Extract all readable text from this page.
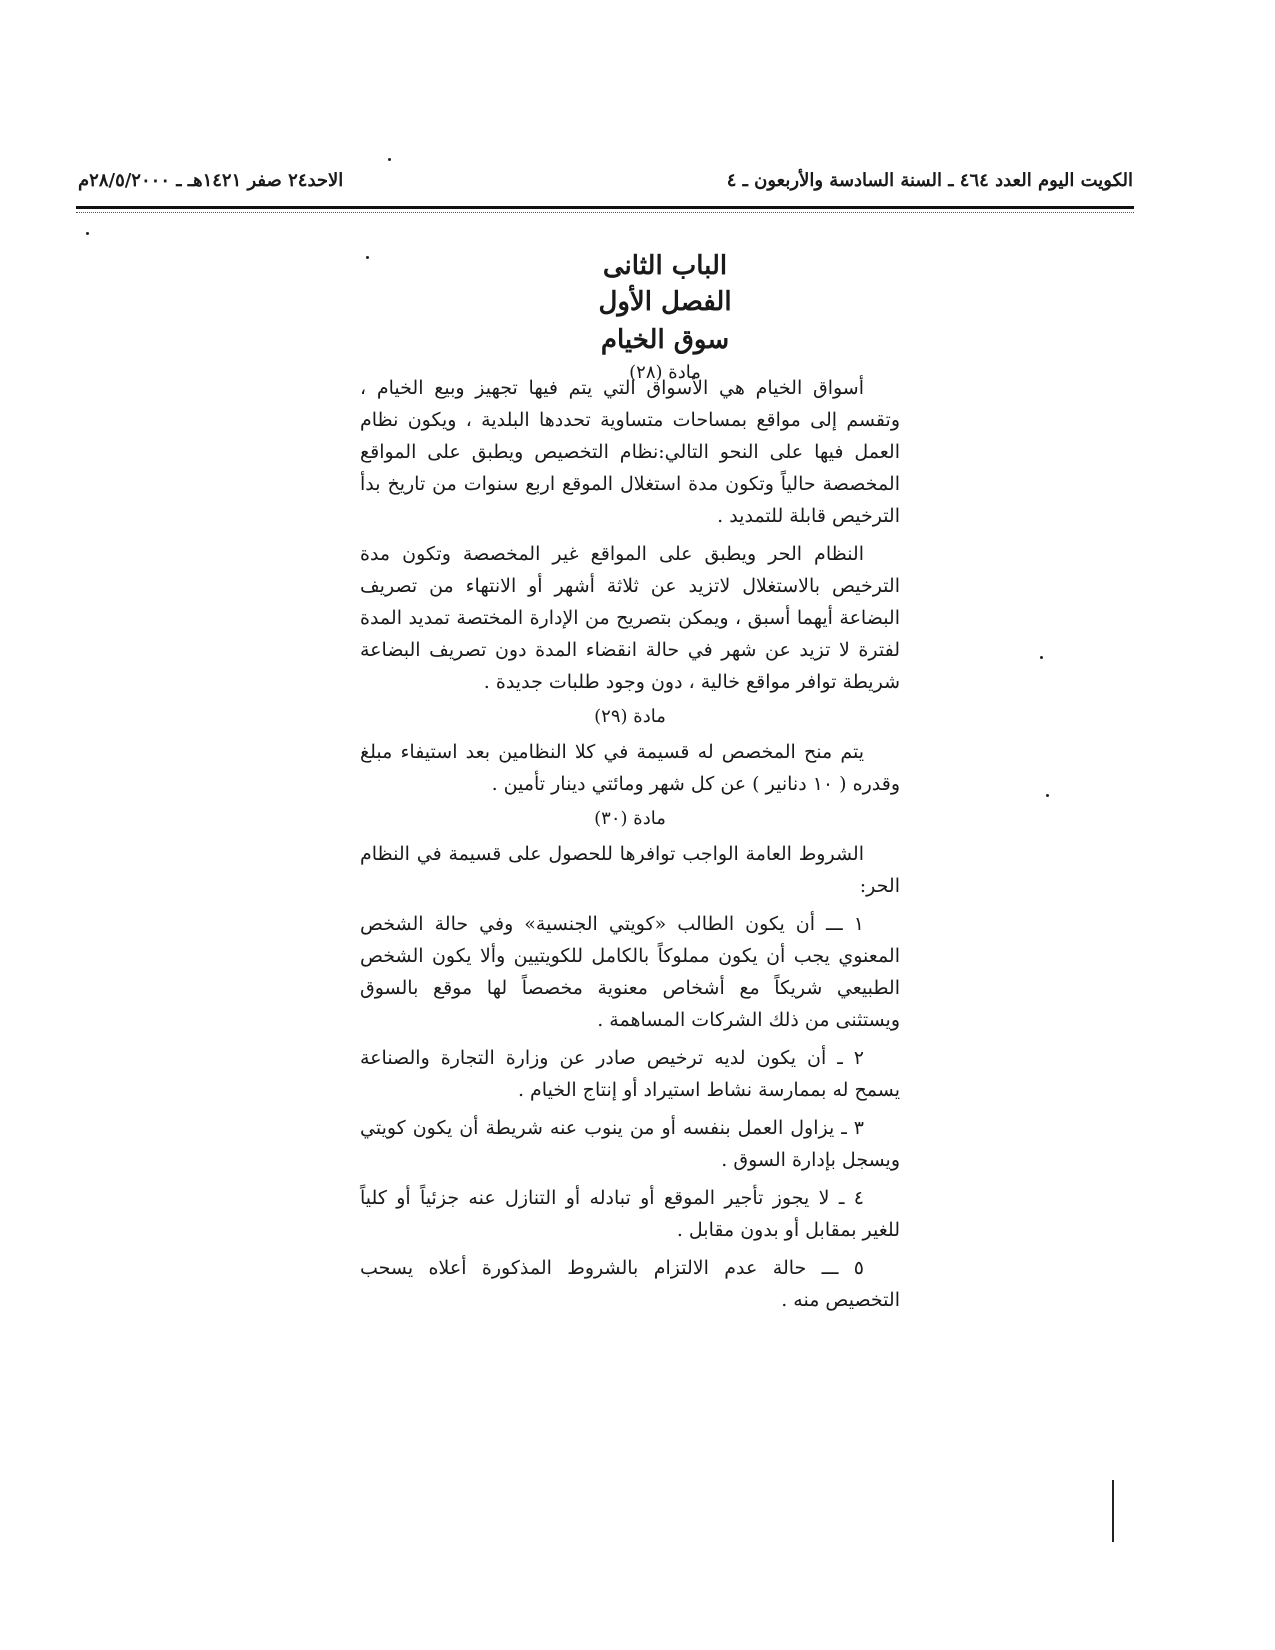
الكويت اليوم العدد ٤٦٤ ـ السنة السادسة والأربعون ـ ٤
الاحد٢٤ صفر ١٤٢١هـ ـ ٢٨/٥/٢٠٠٠م
الباب الثانى
الفصل الأول
سوق الخيام
مادة (٢٨)

أسواق الخيام هي الأسواق التي يتم فيها تجهيز وبيع الخيام ، وتقسم إلى مواقع بمساحات متساوية تحددها البلدية ، ويكون نظام العمل فيها على النحو التالي:نظام التخصيص ويطبق على المواقع المخصصة حالياً وتكون مدة استغلال الموقع اربع سنوات من تاريخ بدأ الترخيص قابلة للتمديد .

النظام الحر ويطبق على المواقع غير المخصصة وتكون مدة الترخيص بالاستغلال لاتزيد عن ثلاثة أشهر أو الانتهاء من تصريف البضاعة أيهما أسبق ، ويمكن بتصريح من الإدارة المختصة تمديد المدة لفترة لا تزيد عن شهر في حالة انقضاء المدة دون تصريف البضاعة شريطة توافر مواقع خالية ، دون وجود طلبات جديدة .

مادة (٢٩)

يتم منح المخصص له قسيمة في كلا النظامين بعد استيفاء مبلغ وقدره ( ١٠ دنانير ) عن كل شهر ومائتي دينار تأمين .

مادة (٣٠)

الشروط العامة الواجب توافرها للحصول على قسيمة في النظام الحر:

١ ـــ أن يكون الطالب «كويتي الجنسية» وفي حالة الشخص المعنوي يجب أن يكون مملوكاً بالكامل للكويتيين وألا يكون الشخص الطبيعي شريكاً مع أشخاص معنوية مخصصاً لها موقع بالسوق ويستثنى من ذلك الشركات المساهمة .

٢ ـ أن يكون لديه ترخيص صادر عن وزارة التجارة والصناعة يسمح له بممارسة نشاط استيراد أو إنتاج الخيام .

٣ ـ يزاول العمل بنفسه أو من ينوب عنه شريطة أن يكون كويتي ويسجل بإدارة السوق .

٤ ـ لا يجوز تأجير الموقع أو تبادله أو التنازل عنه جزئياً أو كلياً للغير بمقابل أو بدون مقابل .

٥ ـــ حالة عدم الالتزام بالشروط المذكورة أعلاه يسحب التخصيص منه .
